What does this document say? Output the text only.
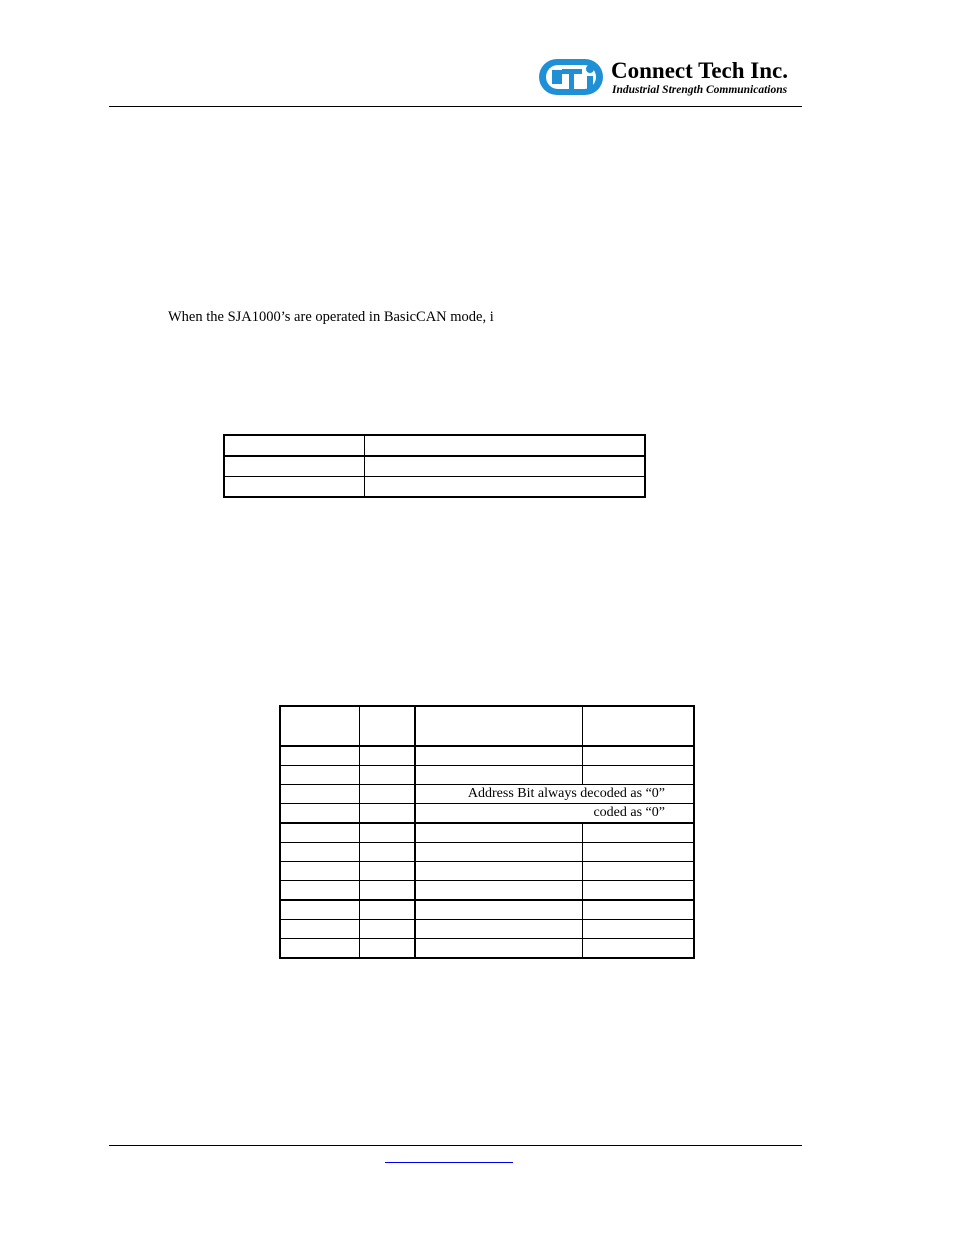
Connect Tech Inc.
Industrial Strength Communications
When the SJA1000’s are operated in BasicCAN mode, i

		Address Bit always decoded as “0”	
		coded as “0”	
